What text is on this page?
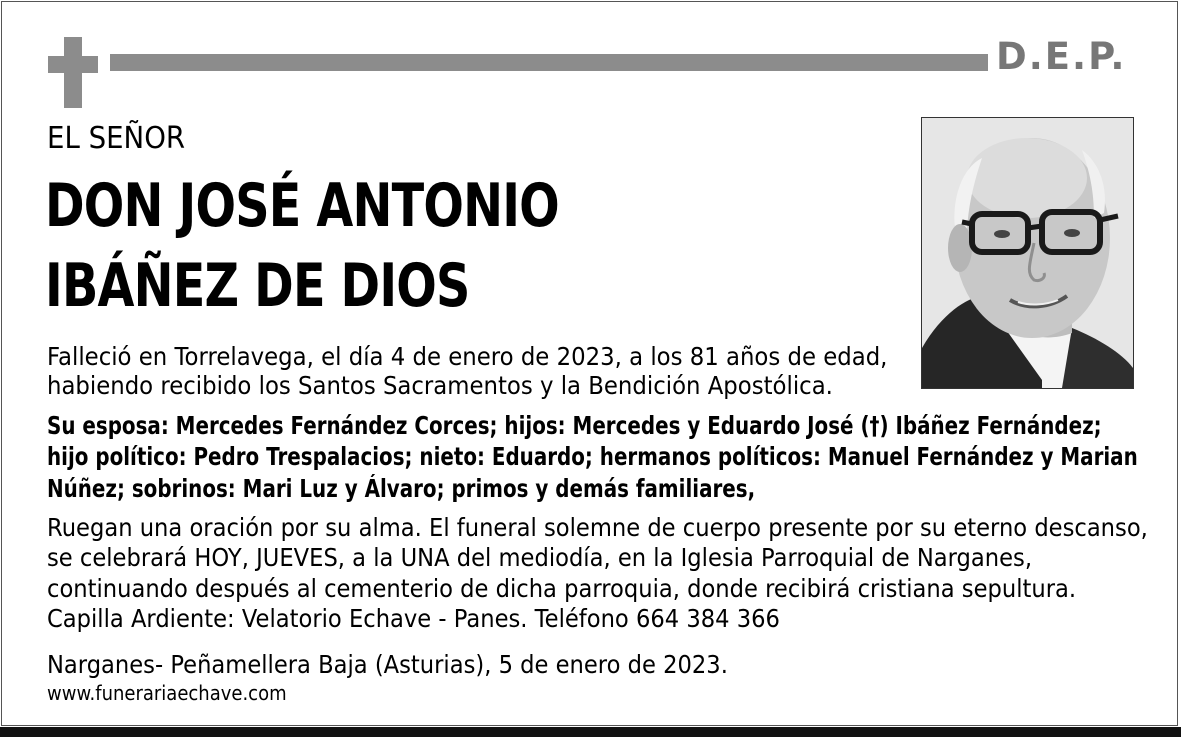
D.E.P.
EL SEÑOR
DON JOSÉ ANTONIO
IBÁÑEZ DE DIOS
Falleció en Torrelavega, el día 4 de enero de 2023, a los 81 años de edad,
habiendo recibido los Santos Sacramentos y la Bendición Apostólica.
Su esposa: Mercedes Fernández Corces; hijos: Mercedes y Eduardo José (†) Ibáñez Fernández;
hijo político: Pedro Trespalacios; nieto: Eduardo; hermanos políticos: Manuel Fernández y Marian
Núñez; sobrinos: Mari Luz y Álvaro; primos y demás familiares,
Ruegan una oración por su alma. El funeral solemne de cuerpo presente por su eterno descanso,
se celebrará HOY, JUEVES, a la UNA del mediodía, en la Iglesia Parroquial de Narganes,
continuando después al cementerio de dicha parroquia, donde recibirá cristiana sepultura.
Capilla Ardiente: Velatorio Echave - Panes. Teléfono 664 384 366
Narganes- Peñamellera Baja (Asturias), 5 de enero de 2023.
www.funerariaechave.com
